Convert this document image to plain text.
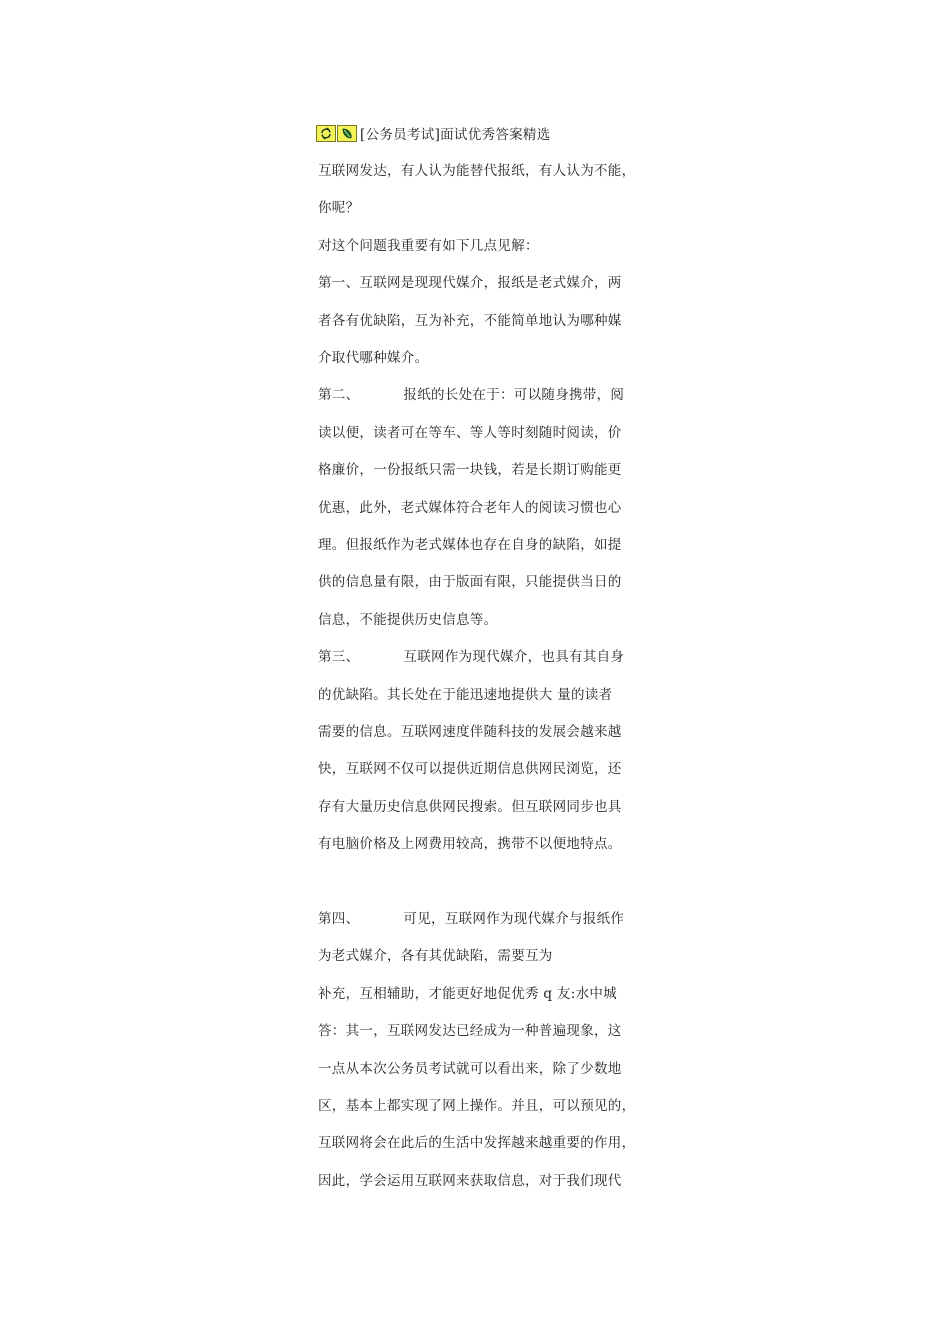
[公务员考试]面试优秀答案精选
互联网发达，有人认为能替代报纸，有人认为不能，
你呢？
对这个问题我重要有如下几点见解：
第一、互联网是现现代媒介，报纸是老式媒介，两
者各有优缺陷，互为补充，不能简单地认为哪种媒
介取代哪种媒介。
第二、	报纸的长处在于：可以随身携带，阅
读以便，读者可在等车、等人等时刻随时阅读，价
格廉价，一份报纸只需一块钱，若是长期订购能更
优惠，此外，老式媒体符合老年人的阅读习惯也心
理。但报纸作为老式媒体也存在自身的缺陷，如提
供的信息量有限，由于版面有限，只能提供当日的
信息，不能提供历史信息等。
第三、	互联网作为现代媒介，也具有其自身
的优缺陷。其长处在于能迅速地提供大 量的读者
需要的信息。互联网速度伴随科技的发展会越来越
快，互联网不仅可以提供近期信息供网民浏览，还
存有大量历史信息供网民搜索。但互联网同步也具
有电脑价格及上网费用较高，携带不以便地特点。
第四、	可见，互联网作为现代媒介与报纸作
为老式媒介，各有其优缺陷，需要互为
补充，互相辅助，才能更好地促优秀 q 友:水中城
答：其一，互联网发达已经成为一种普遍现象，这
一点从本次公务员考试就可以看出来，除了少数地
区，基本上都实现了网上操作。并且，可以预见的，
互联网将会在此后的生活中发挥越来越重要的作用，
因此，学会运用互联网来获取信息，对于我们现代
